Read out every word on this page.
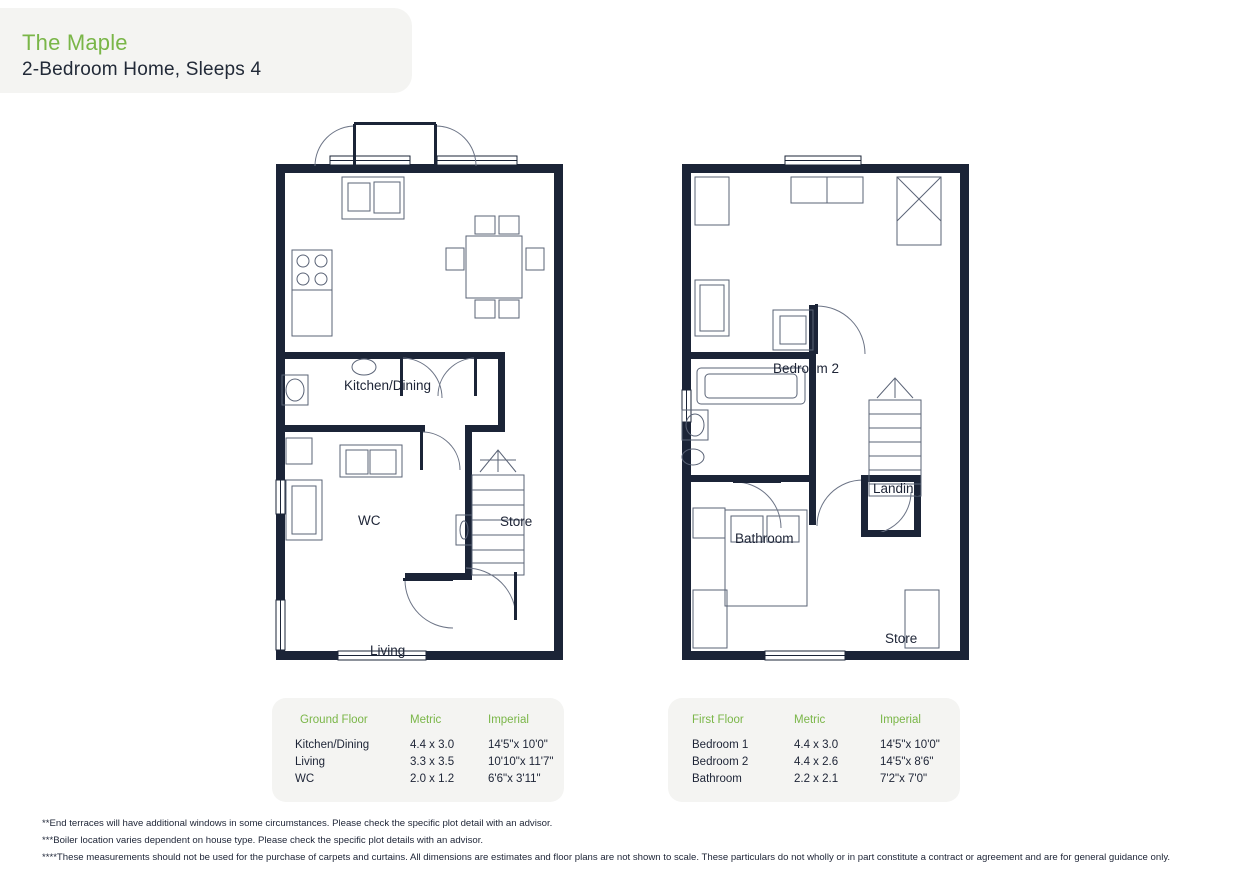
The Maple
2-Bedroom Home, Sleeps 4
Kitchen/Dining
WC	Store
Living
Bedroom 2
Landing
Bathroom
Store
Ground Floor	Metric	Imperial
Kitchen/Dining	4.4 x 3.0	14'5"x 10'0"
Living	3.3 x 3.5	10'10"x 11'7"
WC	2.0 x 1.2	6'6"x 3'11"
First Floor	Metric	Imperial
Bedroom 1	4.4 x 3.0	14'5"x 10'0"
Bedroom 2	4.4 x 2.6	14'5"x 8'6"
Bathroom	2.2 x 2.1	7'2"x 7'0"
**End terraces will have additional windows in some circumstances. Please check the specific plot detail with an advisor.
***Boiler location varies dependent on house type. Please check the specific plot details with an advisor.
****These measurements should not be used for the purchase of carpets and curtains. All dimensions are estimates and floor plans are not shown to scale. These particulars do not wholly or in part constitute a contract or agreement and are for general guidance only.
